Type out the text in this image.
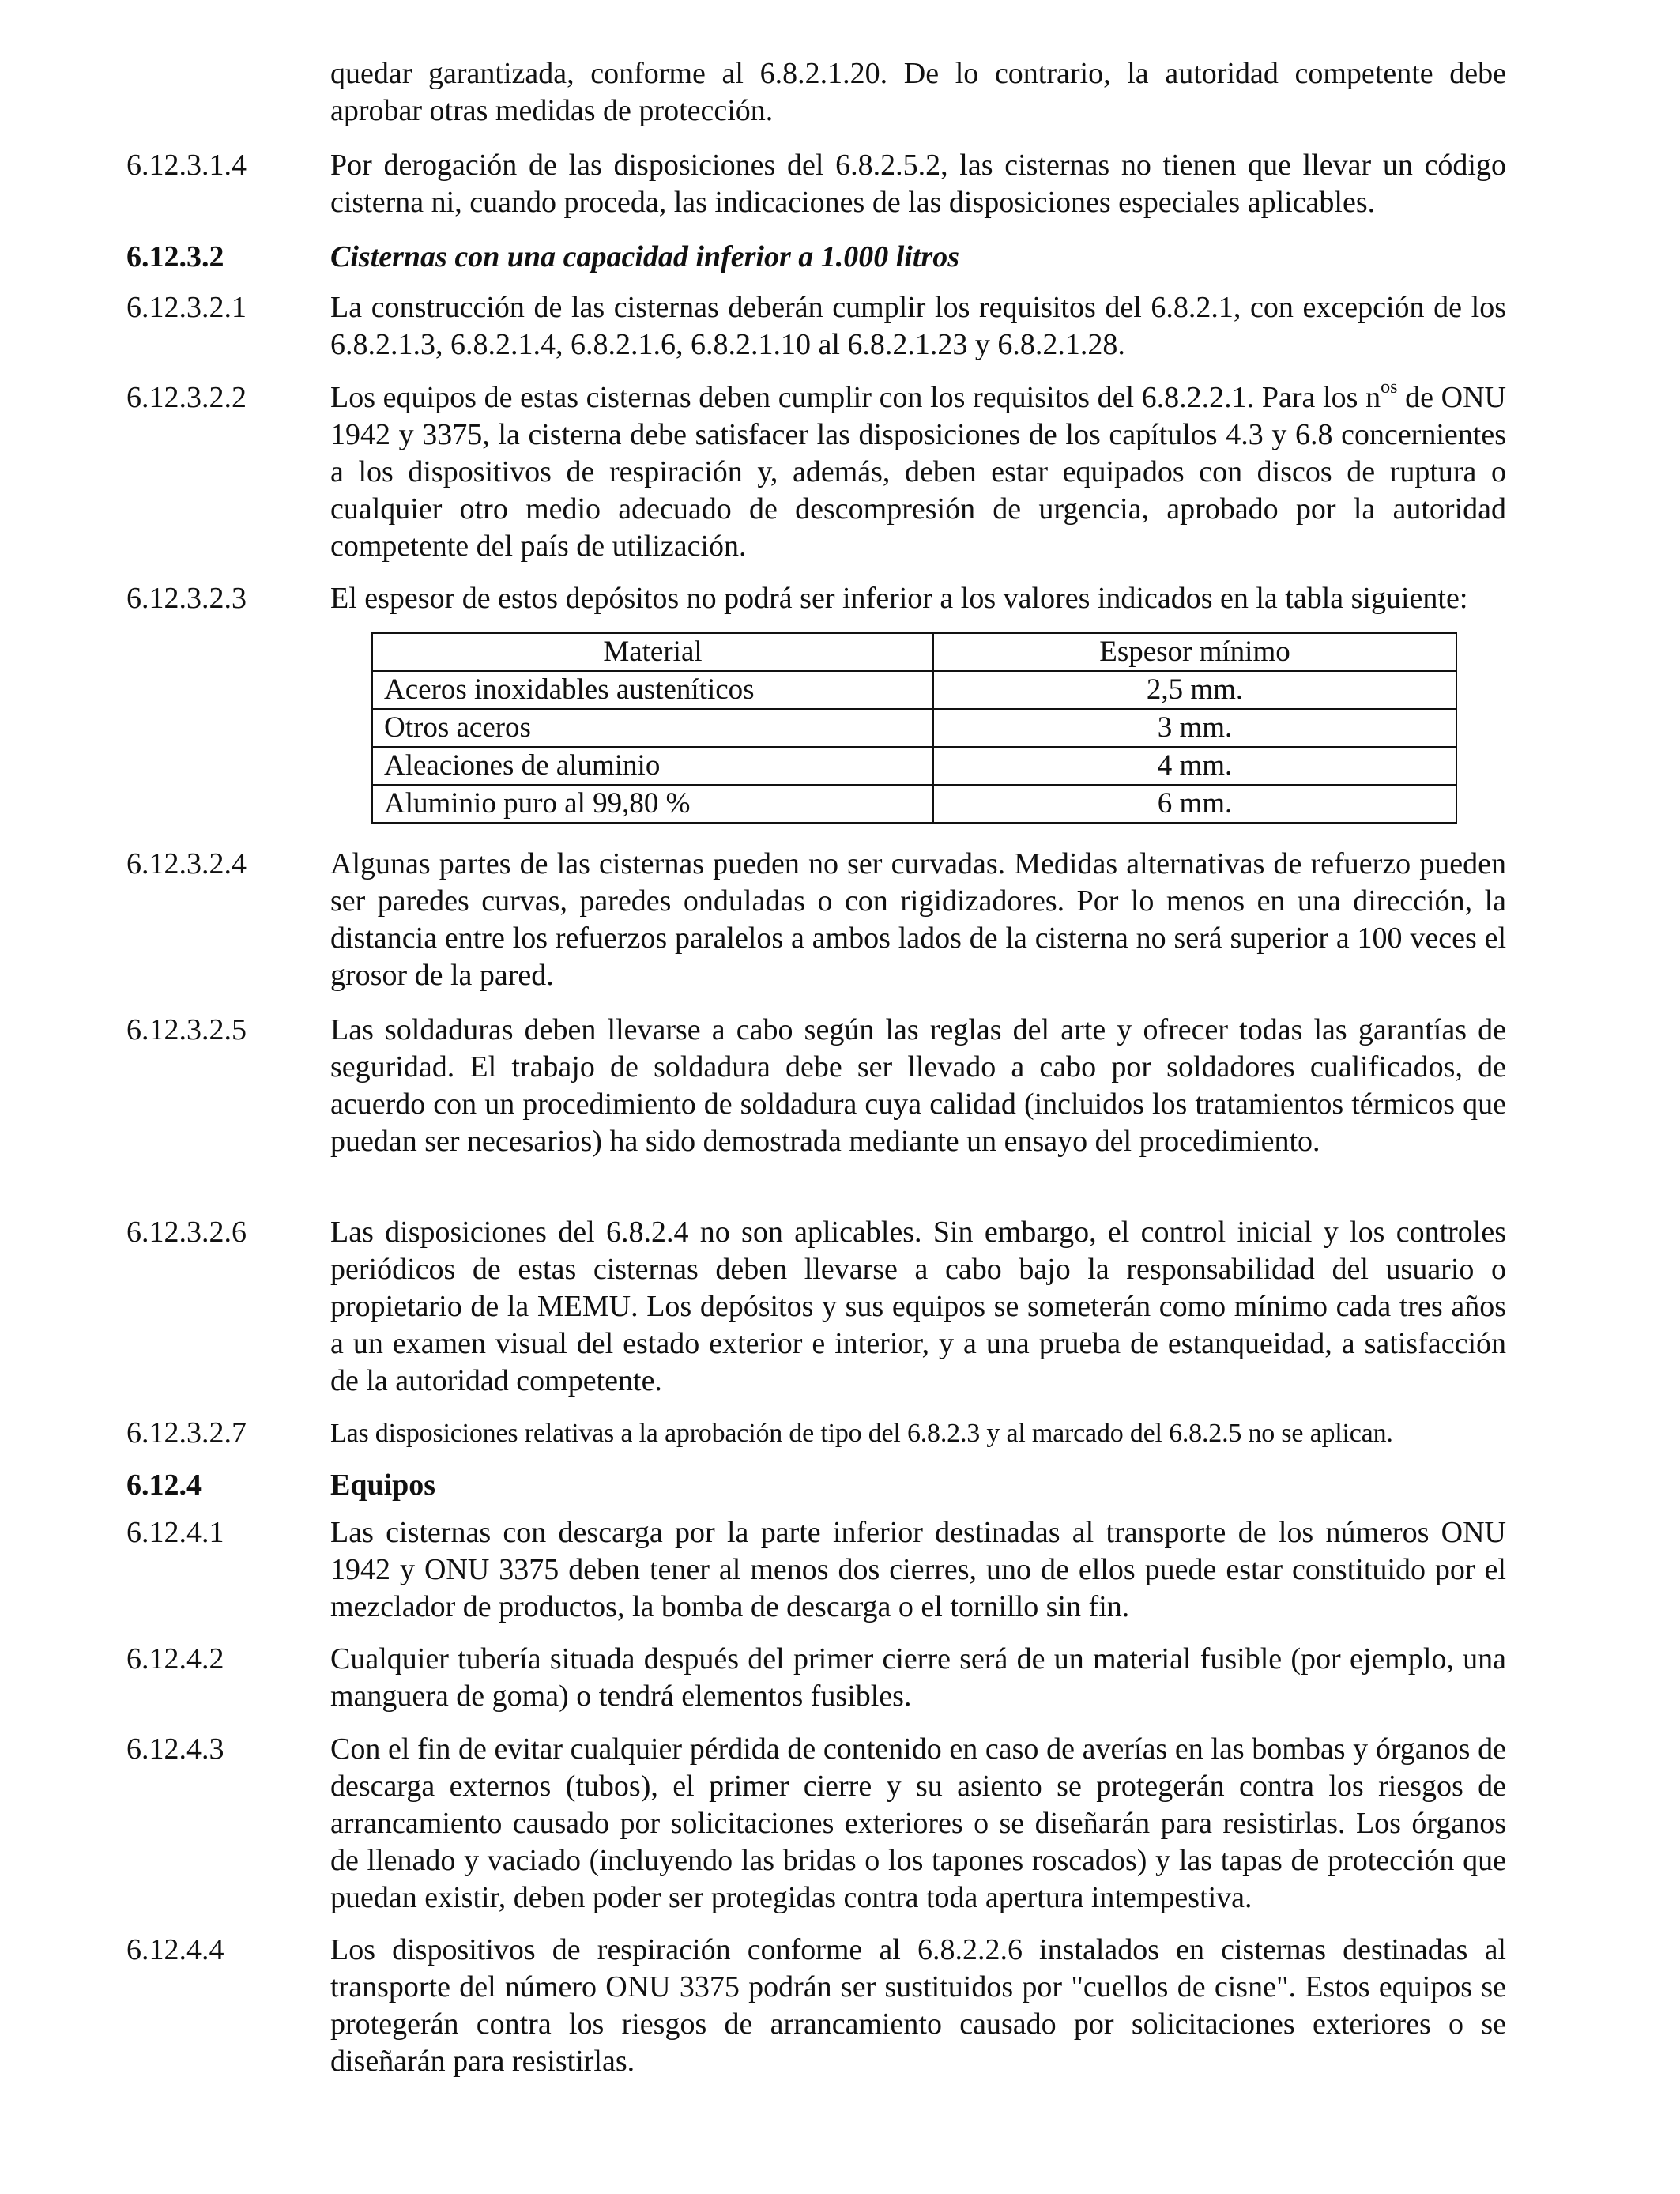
quedar garantizada, conforme al 6.8.2.1.20. De lo contrario, la autoridad competente debe aprobar otras medidas de protección.
6.12.3.1.4	Por derogación de las disposiciones del 6.8.2.5.2, las cisternas no tienen que llevar un código cisterna ni, cuando proceda, las indicaciones de las disposiciones especiales aplicables.
6.12.3.2	Cisternas con una capacidad inferior a 1.000 litros
6.12.3.2.1	La construcción de las cisternas deberán cumplir los requisitos del 6.8.2.1, con excepción de los 6.8.2.1.3, 6.8.2.1.4, 6.8.2.1.6, 6.8.2.1.10 al 6.8.2.1.23 y 6.8.2.1.28.
6.12.3.2.2	Los equipos de estas cisternas deben cumplir con los requisitos del 6.8.2.2.1. Para los $n^{os}$ de ONU 1942 y 3375, la cisterna debe satisfacer las disposiciones de los capítulos 4.3 y 6.8 concernientes a los dispositivos de respiración y, además, deben estar equipados con discos de ruptura o cualquier otro medio adecuado de descompresión de urgencia, aprobado por la autoridad competente del país de utilización.
6.12.3.2.3	El espesor de estos depósitos no podrá ser inferior a los valores indicados en la tabla siguiente:
Material	Espesor mínimo
Aceros inoxidables austeníticos	2,5 mm.
Otros aceros	3 mm.
Aleaciones de aluminio	4 mm.
Aluminio puro al 99,80 %	6 mm.
6.12.3.2.4	Algunas partes de las cisternas pueden no ser curvadas. Medidas alternativas de refuerzo pueden ser paredes curvas, paredes onduladas o con rigidizadores. Por lo menos en una dirección, la distancia entre los refuerzos paralelos a ambos lados de la cisterna no será superior a 100 veces el grosor de la pared.
6.12.3.2.5	Las soldaduras deben llevarse a cabo según las reglas del arte y ofrecer todas las garantías de seguridad. El trabajo de soldadura debe ser llevado a cabo por soldadores cualificados, de acuerdo con un procedimiento de soldadura cuya calidad (incluidos los tratamientos térmicos que puedan ser necesarios) ha sido demostrada mediante un ensayo del procedimiento.
6.12.3.2.6	Las disposiciones del 6.8.2.4 no son aplicables. Sin embargo, el control inicial y los controles periódicos de estas cisternas deben llevarse a cabo bajo la responsabilidad del usuario o propietario de la MEMU. Los depósitos y sus equipos se someterán como mínimo cada tres años a un examen visual del estado exterior e interior, y a una prueba de estanqueidad, a satisfacción de la autoridad competente.
6.12.3.2.7	Las disposiciones relativas a la aprobación de tipo del 6.8.2.3 y al marcado del 6.8.2.5 no se aplican.
6.12.4	Equipos
6.12.4.1	Las cisternas con descarga por la parte inferior destinadas al transporte de los números ONU 1942 y ONU 3375 deben tener al menos dos cierres, uno de ellos puede estar constituido por el mezclador de productos, la bomba de descarga o el tornillo sin fin.
6.12.4.2	Cualquier tubería situada después del primer cierre será de un material fusible (por ejemplo, una manguera de goma) o tendrá elementos fusibles.
6.12.4.3	Con el fin de evitar cualquier pérdida de contenido en caso de averías en las bombas y órganos de descarga externos (tubos), el primer cierre y su asiento se protegerán contra los riesgos de arrancamiento causado por solicitaciones exteriores o se diseñarán para resistirlas. Los órganos de llenado y vaciado (incluyendo las bridas o los tapones roscados) y las tapas de protección que puedan existir, deben poder ser protegidas contra toda apertura intempestiva.
6.12.4.4	Los dispositivos de respiración conforme al 6.8.2.2.6 instalados en cisternas destinadas al transporte del número ONU 3375 podrán ser sustituidos por "cuellos de cisne". Estos equipos se protegerán contra los riesgos de arrancamiento causado por solicitaciones exteriores o se diseñarán para resistirlas.
